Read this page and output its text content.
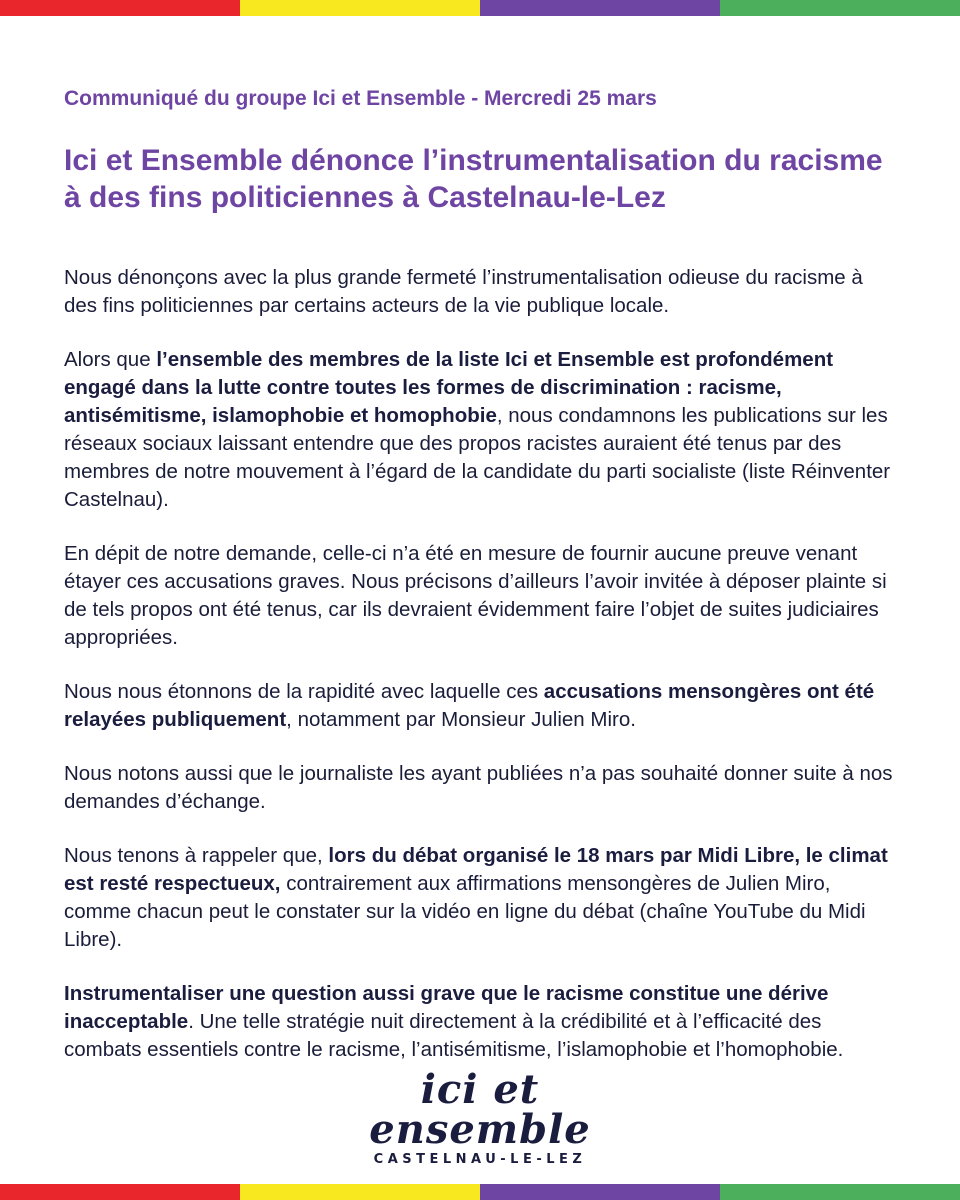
Communiqué du groupe Ici et Ensemble - Mercredi 25 mars

Ici et Ensemble dénonce l’instrumentalisation du racisme à des fins politiciennes à Castelnau-le-Lez

Nous dénonçons avec la plus grande fermeté l’instrumentalisation odieuse du racisme à des fins politiciennes par certains acteurs de la vie publique locale.

Alors que l’ensemble des membres de la liste Ici et Ensemble est profondément engagé dans la lutte contre toutes les formes de discrimination : racisme, antisémitisme, islamophobie et homophobie, nous condamnons les publications sur les réseaux sociaux laissant entendre que des propos racistes auraient été tenus par des membres de notre mouvement à l’égard de la candidate du parti socialiste (liste Réinventer Castelnau).

En dépit de notre demande, celle-ci n’a été en mesure de fournir aucune preuve venant étayer ces accusations graves. Nous précisons d’ailleurs l’avoir invitée à déposer plainte si de tels propos ont été tenus, car ils devraient évidemment faire l’objet de suites judiciaires appropriées.

Nous nous étonnons de la rapidité avec laquelle ces accusations mensongères ont été relayées publiquement, notamment par Monsieur Julien Miro.

Nous notons aussi que le journaliste les ayant publiées n’a pas souhaité donner suite à nos demandes d’échange.

Nous tenons à rappeler que, lors du débat organisé le 18 mars par Midi Libre, le climat est resté respectueux, contrairement aux affirmations mensongères de Julien Miro, comme chacun peut le constater sur la vidéo en ligne du débat (chaîne YouTube du Midi Libre).

Instrumentaliser une question aussi grave que le racisme constitue une dérive inacceptable. Une telle stratégie nuit directement à la crédibilité et à l’efficacité des combats essentiels contre le racisme, l’antisémitisme, l’islamophobie et l’homophobie.

ici et ensemble
CASTELNAU-LE-LEZ
